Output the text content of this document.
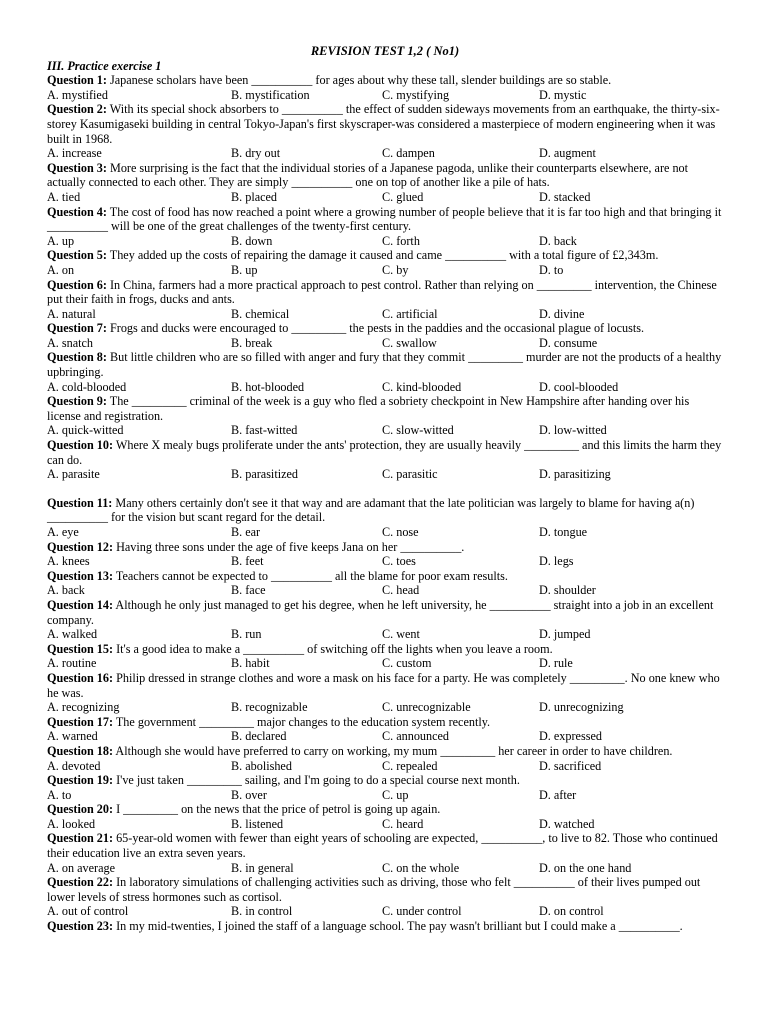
REVISION TEST 1,2 ( No1)
III. Practice exercise 1
Question 1: Japanese scholars have been __________ for ages about why these tall, slender buildings are so stable.
A. mystified	B. mystification	C. mystifying	D. mystic
Question 2: With its special shock absorbers to __________ the effect of sudden sideways movements from an earthquake, the thirty-six-storey Kasumigaseki building in central Tokyo-Japan's first skyscraper-was considered a masterpiece of modern engineering when it was built in 1968.
A. increase	B. dry out	C. dampen	D. augment
Question 3: More surprising is the fact that the individual stories of a Japanese pagoda, unlike their counterparts elsewhere, are not actually connected to each other. They are simply __________ one on top of another like a pile of hats.
A. tied	B. placed	C. glued	D. stacked
Question 4: The cost of food has now reached a point where a growing number of people believe that it is far too high and that bringing it __________ will be one of the great challenges of the twenty-first century.
A. up	B. down	C. forth	D. back
Question 5: They added up the costs of repairing the damage it caused and came __________ with a total figure of £2,343m.
A. on	B. up	C. by	D. to
Question 6: In China, farmers had a more practical approach to pest control. Rather than relying on _________ intervention, the Chinese put their faith in frogs, ducks and ants.
A. natural	B. chemical	C. artificial	D. divine
Question 7: Frogs and ducks were encouraged to _________ the pests in the paddies and the occasional plague of locusts.
A. snatch	B. break	C. swallow	D. consume
Question 8: But little children who are so filled with anger and fury that they commit _________ murder are not the products of a healthy upbringing.
A. cold-blooded	B. hot-blooded	C. kind-blooded	D. cool-blooded
Question 9: The _________ criminal of the week is a guy who fled a sobriety checkpoint in New Hampshire after handing over his license and registration.
A. quick-witted	B. fast-witted	C. slow-witted	D. low-witted
Question 10: Where X mealy bugs proliferate under the ants' protection, they are usually heavily _________ and this limits the harm they can do.
A. parasite	B. parasitized	C. parasitic	D. parasitizing
Question 11: Many others certainly don't see it that way and are adamant that the late politician was largely to blame for having a(n) __________ for the vision but scant regard for the detail.
A. eye	B. ear	C. nose	D. tongue
Question 12: Having three sons under the age of five keeps Jana on her __________.
A. knees	B. feet	C. toes	D. legs
Question 13: Teachers cannot be expected to __________ all the blame for poor exam results.
A. back	B. face	C. head	D. shoulder
Question 14: Although he only just managed to get his degree, when he left university, he __________ straight into a job in an excellent company.
A. walked	B. run	C. went	D. jumped
Question 15: It's a good idea to make a __________ of switching off the lights when you leave a room.
A. routine	B. habit	C. custom	D. rule
Question 16: Philip dressed in strange clothes and wore a mask on his face for a party. He was completely _________. No one knew who he was.
A. recognizing	B. recognizable	C. unrecognizable	D. unrecognizing
Question 17: The government _________ major changes to the education system recently.
A. warned	B. declared	C. announced	D. expressed
Question 18: Although she would have preferred to carry on working, my mum _________ her career in order to have children.
A. devoted	B. abolished	C. repealed	D. sacrificed
Question 19: I've just taken _________ sailing, and I'm going to do a special course next month.
A. to	B. over	C. up	D. after
Question 20: I _________ on the news that the price of petrol is going up again.
A. looked	B. listened	C. heard	D. watched
Question 21: 65-year-old women with fewer than eight years of schooling are expected, __________, to live to 82. Those who continued their education live an extra seven years.
A. on average	B. in general	C. on the whole	D. on the one hand
Question 22: In laboratory simulations of challenging activities such as driving, those who felt __________ of their lives pumped out lower levels of stress hormones such as cortisol.
A. out of control	B. in control	C. under control	D. on control
Question 23: In my mid-twenties, I joined the staff of a language school. The pay wasn't brilliant but I could make a __________.
